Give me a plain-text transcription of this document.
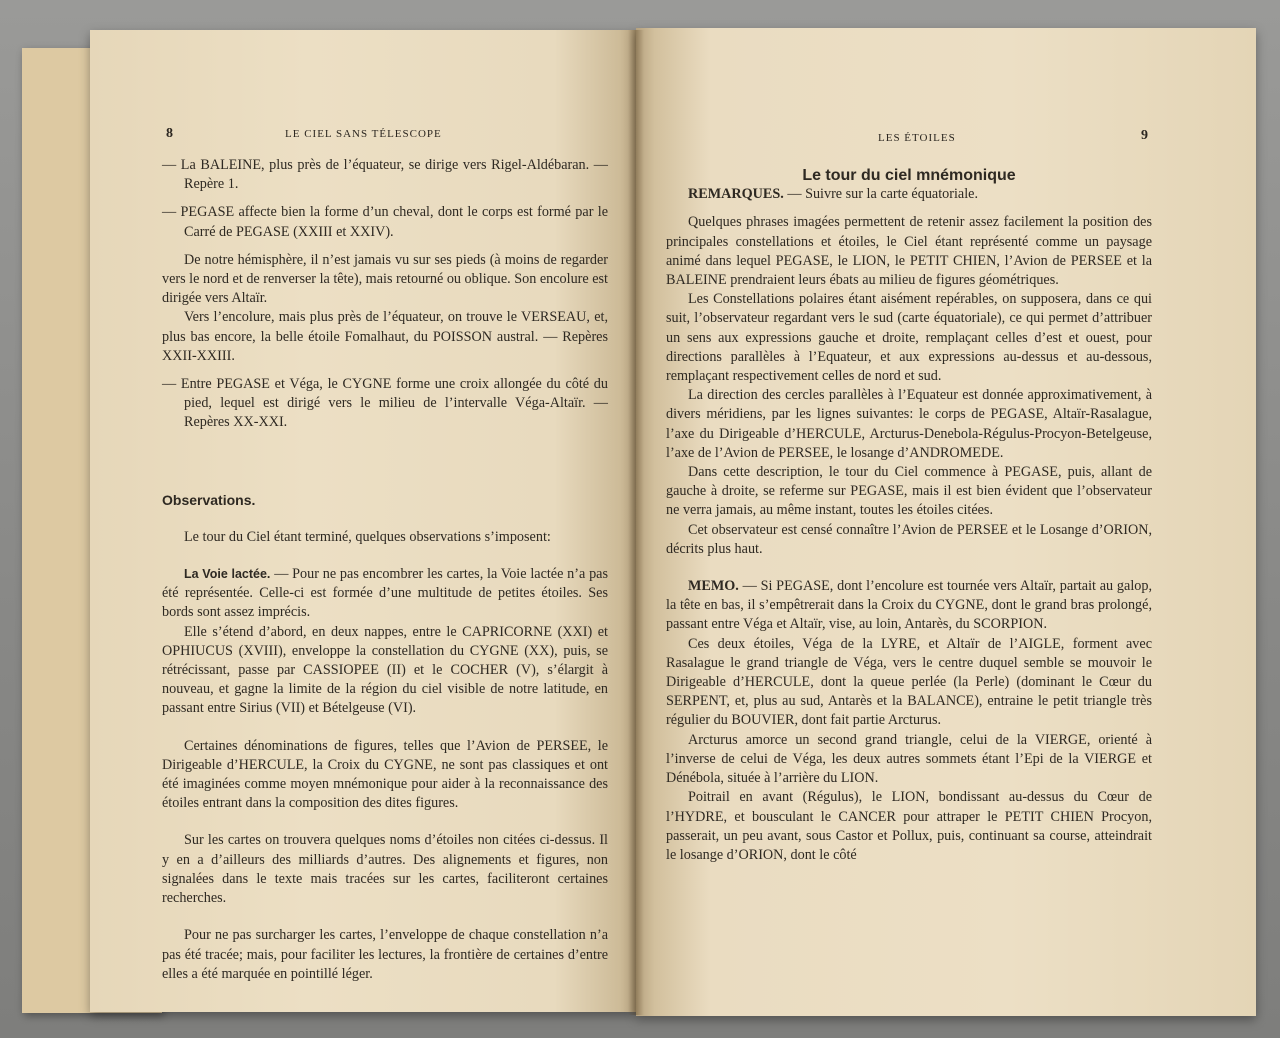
8	LE CIEL SANS TÉLESCOPE	LES ÉTOILES	9

— La BALEINE, plus près de l’équateur, se dirige vers Rigel-Aldébaran. — Repère 1.

— PEGASE affecte bien la forme d’un cheval, dont le corps est formé par le Carré de PEGASE (XXIII et XXIV).

De notre hémisphère, il n’est jamais vu sur ses pieds (à moins de regarder vers le nord et de renverser la tête), mais retourné ou oblique. Son encolure est dirigée vers Altaïr.

Vers l’encolure, mais plus près de l’équateur, on trouve le VERSEAU, et, plus bas encore, la belle étoile Fomalhaut, du POISSON austral. — Repères XXII-XXIII.

— Entre PEGASE et Véga, le CYGNE forme une croix allongée du côté du pied, lequel est dirigé vers le milieu de l’intervalle Véga-Altaïr. — Repères XX-XXI.

Observations.

Le tour du Ciel étant terminé, quelques observations s’imposent:

La Voie lactée. — Pour ne pas encombrer les cartes, la Voie lactée n’a pas été représentée. Celle-ci est formée d’une multitude de petites étoiles. Ses bords sont assez imprécis.

Elle s’étend d’abord, en deux nappes, entre le CAPRICORNE (XXI) et OPHIUCUS (XVIII), enveloppe la constellation du CYGNE (XX), puis, se rétrécissant, passe par CASSIOPEE (II) et le COCHER (V), s’élargit à nouveau, et gagne la limite de la région du ciel visible de notre latitude, en passant entre Sirius (VII) et Bételgeuse (VI).

Certaines dénominations de figures, telles que l’Avion de PERSEE, le Dirigeable d’HERCULE, la Croix du CYGNE, ne sont pas classiques et ont été imaginées comme moyen mnémonique pour aider à la reconnaissance des étoiles entrant dans la composition des dites figures.

Sur les cartes on trouvera quelques noms d’étoiles non citées ci-dessus. Il y en a d’ailleurs des milliards d’autres. Des alignements et figures, non signalées dans le texte mais tracées sur les cartes, faciliteront certaines recherches.

Pour ne pas surcharger les cartes, l’enveloppe de chaque constellation n’a pas été tracée; mais, pour faciliter les lectures, la frontière de certaines d’entre elles a été marquée en pointillé léger.

Le tour du ciel mnémonique

REMARQUES. — Suivre sur la carte équatoriale.

Quelques phrases imagées permettent de retenir assez facilement la position des principales constellations et étoiles, le Ciel étant représenté comme un paysage animé dans lequel PEGASE, le LION, le PETIT CHIEN, l’Avion de PERSEE et la BALEINE prendraient leurs ébats au milieu de figures géométriques.

Les Constellations polaires étant aisément repérables, on supposera, dans ce qui suit, l’observateur regardant vers le sud (carte équatoriale), ce qui permet d’attribuer un sens aux expressions gauche et droite, remplaçant celles d’est et ouest, pour directions parallèles à l’Equateur, et aux expressions au-dessus et au-dessous, remplaçant respectivement celles de nord et sud.

La direction des cercles parallèles à l’Equateur est donnée approximativement, à divers méridiens, par les lignes suivantes: le corps de PEGASE, Altaïr-Rasalague, l’axe du Dirigeable d’HERCULE, Arcturus-Denebola-Régulus-Procyon-Betelgeuse, l’axe de l’Avion de PERSEE, le losange d’ANDROMEDE.

Dans cette description, le tour du Ciel commence à PEGASE, puis, allant de gauche à droite, se referme sur PEGASE, mais il est bien évident que l’observateur ne verra jamais, au même instant, toutes les étoiles citées.

Cet observateur est censé connaître l’Avion de PERSEE et le Losange d’ORION, décrits plus haut.

MEMO. — Si PEGASE, dont l’encolure est tournée vers Altaïr, partait au galop, la tête en bas, il s’empêtrerait dans la Croix du CYGNE, dont le grand bras prolongé, passant entre Véga et Altaïr, vise, au loin, Antarès, du SCORPION.

Ces deux étoiles, Véga de la LYRE, et Altaïr de l’AIGLE, forment avec Rasalague le grand triangle de Véga, vers le centre duquel semble se mouvoir le Dirigeable d’HERCULE, dont la queue perlée (la Perle) (dominant le Cœur du SERPENT, et, plus au sud, Antarès et la BALANCE), entraine le petit triangle très régulier du BOUVIER, dont fait partie Arcturus.

Arcturus amorce un second grand triangle, celui de la VIERGE, orienté à l’inverse de celui de Véga, les deux autres sommets étant l’Epi de la VIERGE et Dénébola, située à l’arrière du LION.

Poitrail en avant (Régulus), le LION, bondissant au-dessus du Cœur de l’HYDRE, et bousculant le CANCER pour attraper le PETIT CHIEN Procyon, passerait, un peu avant, sous Castor et Pollux, puis, continuant sa course, atteindrait le losange d’ORION, dont le côté
